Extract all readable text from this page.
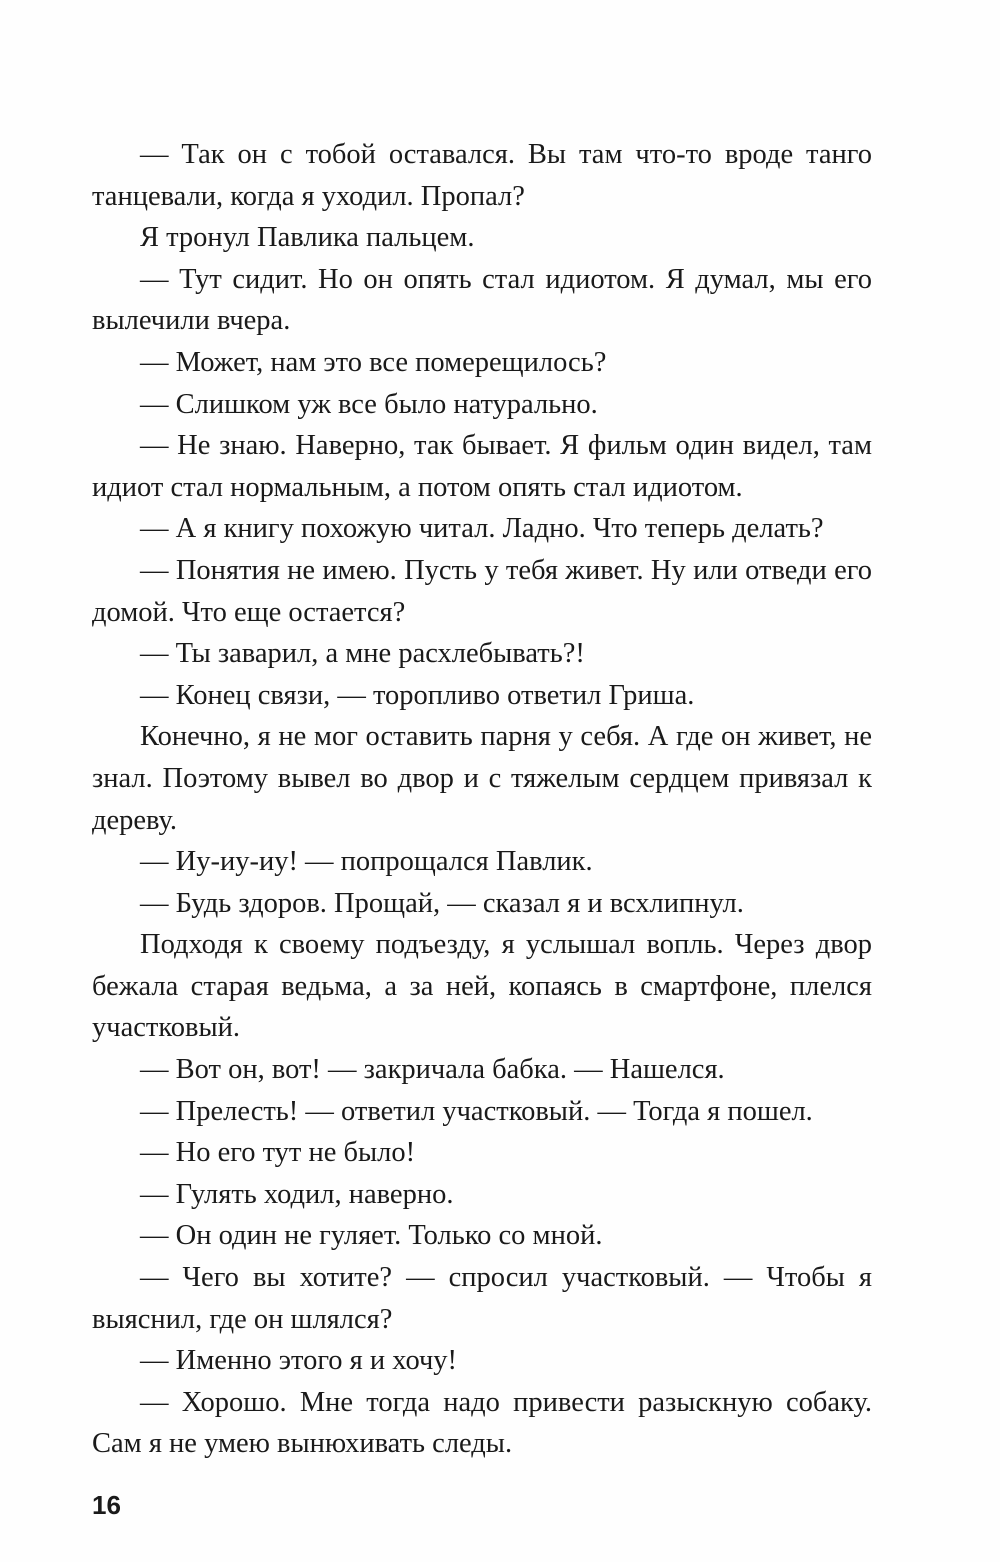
— Так он с тобой оставался. Вы там что-то вроде танго танцевали, когда я уходил. Пропал?

Я тронул Павлика пальцем.

— Тут сидит. Но он опять стал идиотом. Я думал, мы его вылечили вчера.

— Может, нам это все померещилось?

— Слишком уж все было натурально.

— Не знаю. Наверно, так бывает. Я фильм один видел, там идиот стал нормальным, а потом опять стал идиотом.

— А я книгу похожую читал. Ладно. Что теперь делать?

— Понятия не имею. Пусть у тебя живет. Ну или отведи его домой. Что еще остается?

— Ты заварил, а мне расхлебывать?!

— Конец связи, — торопливо ответил Гриша.

Конечно, я не мог оставить парня у себя. А где он живет, не знал. Поэтому вывел во двор и с тяжелым сердцем привязал к дереву.

— Иу-иу-иу! — попрощался Павлик.

— Будь здоров. Прощай, — сказал я и всхлипнул.

Подходя к своему подъезду, я услышал вопль. Через двор бежала старая ведьма, а за ней, копаясь в смартфоне, плелся участковый.

— Вот он, вот! — закричала бабка. — Нашелся.

— Прелесть! — ответил участковый. — Тогда я пошел.

— Но его тут не было!

— Гулять ходил, наверно.

— Он один не гуляет. Только со мной.

— Чего вы хотите? — спросил участковый. — Чтобы я выяснил, где он шлялся?

— Именно этого я и хочу!

— Хорошо. Мне тогда надо привести разыскную собаку. Сам я не умею вынюхивать следы.

16
